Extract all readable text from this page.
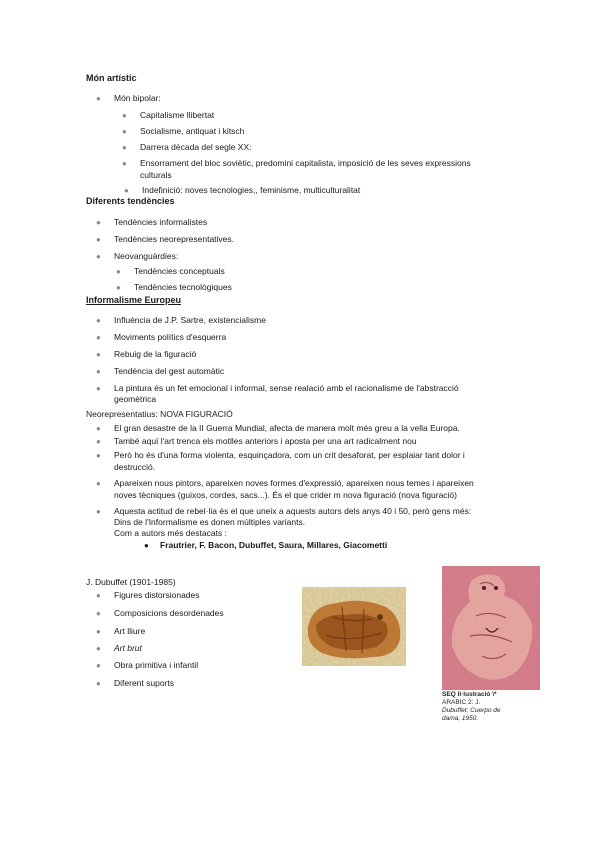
Món artístic
● Món bipolar:
● Capitalisme llibertat
● Socialisme, antiquat i kitsch
● Darrera dècada del segle XX:
● Ensorrament del bloc soviètic, predomini capitalista, imposició de les seves expressions
culturals
● Indefinició: noves tecnologies,, feminisme, multiculturalitat
Diferents tendències
● Tendències informalistes
● Tendències neorepresentatives.
● Neovanguàrdies:
● Tendències conceptuals
● Tendències tecnològiques
Informalisme Europeu
● Influència de J.P. Sartre, existencialisme
● Moviments polítics d'esquerra
● Rebuig de la figuració
● Tendència del gest automàtic
● La pintura és un fet emocional i informal, sense realació amb el racionalisme de l'abstracció
geomètrica
Neorepresentatius: NOVA FIGURACIÓ
● El gran desastre de la II Guerra Mundial, afecta de manera molt més greu a la vella Europa.
● També aquí l'art trenca els motlles anteriors i aposta per una art radicalment nou
● Però ho és d'una forma violenta, esquinçadora, com un crit desaforat, per esplaiar tant dolor i
destrucció.
● Apareixen nous pintors, apareixen noves formes d'expressió, apareixen nous temes i apareixen
noves tècniques (guixos, cordes, sacs...). És el que crider m nova figuració (nova figuració)
● Aquesta actitud de rebel·lia és el que uneix a aquests autors dels anys 40 i 50, però gens més:
Dins de l'Informalisme es donen múltiples variants.
Com a autors més destacats :
● Frautrier, F. Bacon, Dubuffet, Saura, Millares, Giacometti
J. Dubuffet (1901-1985)
● Figures distorsionades
● Composicions desordenades
● Art lliure
● Art brut
● Obra primitiva i infantil
● Diferent suports
SEQ Il·lustració \*
ARABIC 2: J.
Dubuffet: Cuerpo de
dama, 1950.
